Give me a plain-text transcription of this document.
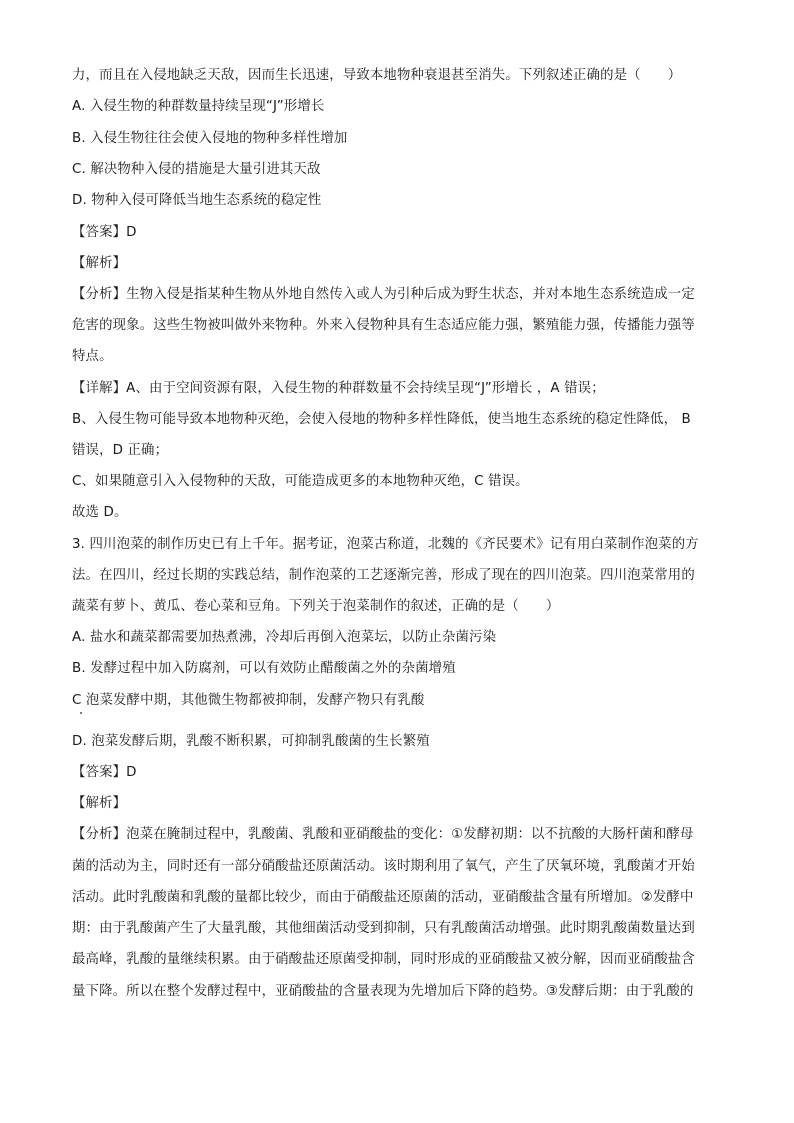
力，而且在入侵地缺乏天敌，因而生长迅速，导致本地物种衰退甚至消失。下列叙述正确的是（　　）
A. 入侵生物的种群数量持续呈现“J”形增长
B. 入侵生物往往会使入侵地的物种多样性增加
C. 解决物种入侵的措施是大量引进其天敌
D. 物种入侵可降低当地生态系统的稳定性
【答案】D
【解析】
【分析】生物入侵是指某种生物从外地自然传入或人为引种后成为野生状态，并对本地生态系统造成一定
危害的现象。这些生物被叫做外来物种。外来入侵物种具有生态适应能力强，繁殖能力强，传播能力强等
特点。
【详解】A、由于空间资源有限，入侵生物的种群数量不会持续呈现“J”形增长 ，A 错误；
B、入侵生物可能导致本地物种灭绝，会使入侵地的物种多样性降低，使当地生态系统的稳定性降低， B
错误，D 正确；
C、如果随意引入入侵物种的天敌，可能造成更多的本地物种灭绝，C 错误。
故选 D。
3. 四川泡菜的制作历史已有上千年。据考证，泡菜古称道，北魏的《齐民要术》记有用白菜制作泡菜的方
法。在四川，经过长期的实践总结，制作泡菜的工艺逐渐完善，形成了现在的四川泡菜。四川泡菜常用的
蔬菜有萝卜、黄瓜、卷心菜和豆角。下列关于泡菜制作的叙述，正确的是（　　）
A. 盐水和蔬菜都需要加热煮沸，冷却后再倒入泡菜坛，以防止杂菌污染
B. 发酵过程中加入防腐剂，可以有效防止醋酸菌之外的杂菌增殖
C 泡菜发酵中期，其他微生物都被抑制，发酵产物只有乳酸
D. 泡菜发酵后期，乳酸不断积累，可抑制乳酸菌的生长繁殖
【答案】D
【解析】
【分析】泡菜在腌制过程中，乳酸菌、乳酸和亚硝酸盐的变化：①发酵初期：以不抗酸的大肠杆菌和酵母
菌的活动为主，同时还有一部分硝酸盐还原菌活动。该时期利用了氧气，产生了厌氧环境，乳酸菌才开始
活动。此时乳酸菌和乳酸的量都比较少，而由于硝酸盐还原菌的活动，亚硝酸盐含量有所增加。②发酵中
期：由于乳酸菌产生了大量乳酸，其他细菌活动受到抑制，只有乳酸菌活动增强。此时期乳酸菌数量达到
最高峰，乳酸的量继续积累。由于硝酸盐还原菌受抑制，同时形成的亚硝酸盐又被分解，因而亚硝酸盐含
量下降。所以在整个发酵过程中，亚硝酸盐的含量表现为先增加后下降的趋势。③发酵后期：由于乳酸的
